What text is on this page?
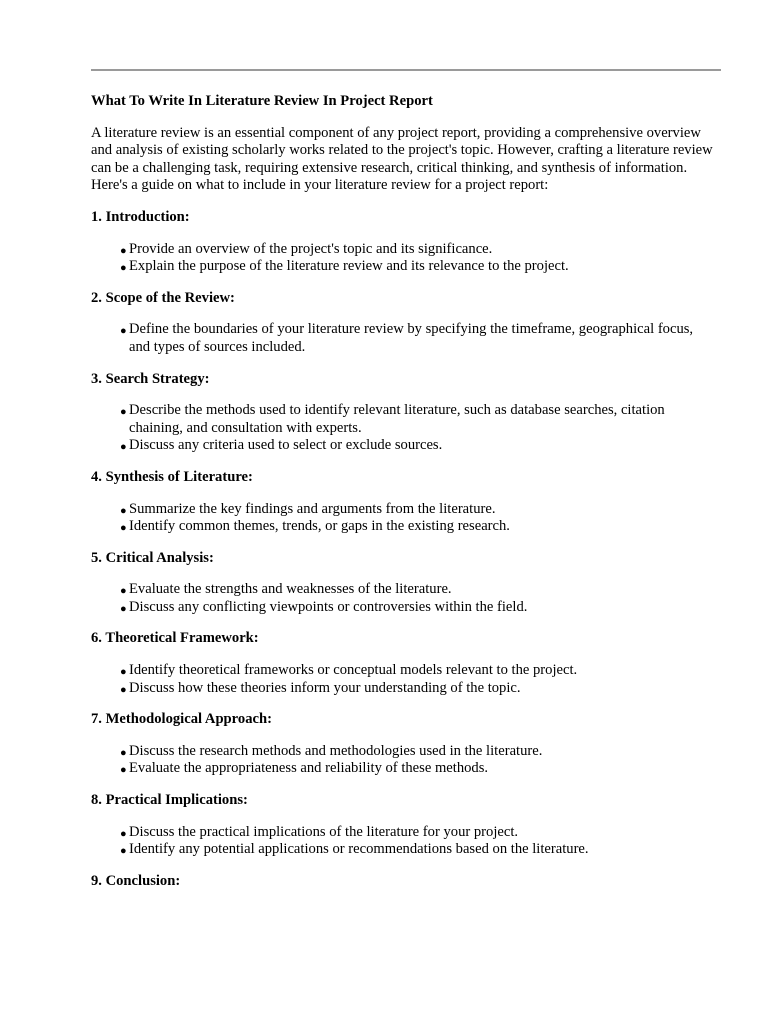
What To Write In Literature Review In Project Report

A literature review is an essential component of any project report, providing a comprehensive overview and analysis of existing scholarly works related to the project's topic. However, crafting a literature review can be a challenging task, requiring extensive research, critical thinking, and synthesis of information. Here's a guide on what to include in your literature review for a project report:

1. Introduction:
● Provide an overview of the project's topic and its significance.
● Explain the purpose of the literature review and its relevance to the project.
2. Scope of the Review:
● Define the boundaries of your literature review by specifying the timeframe, geographical focus, and types of sources included.
3. Search Strategy:
● Describe the methods used to identify relevant literature, such as database searches, citation chaining, and consultation with experts.
● Discuss any criteria used to select or exclude sources.
4. Synthesis of Literature:
● Summarize the key findings and arguments from the literature.
● Identify common themes, trends, or gaps in the existing research.
5. Critical Analysis:
● Evaluate the strengths and weaknesses of the literature.
● Discuss any conflicting viewpoints or controversies within the field.
6. Theoretical Framework:
● Identify theoretical frameworks or conceptual models relevant to the project.
● Discuss how these theories inform your understanding of the topic.
7. Methodological Approach:
● Discuss the research methods and methodologies used in the literature.
● Evaluate the appropriateness and reliability of these methods.
8. Practical Implications:
● Discuss the practical implications of the literature for your project.
● Identify any potential applications or recommendations based on the literature.
9. Conclusion:
